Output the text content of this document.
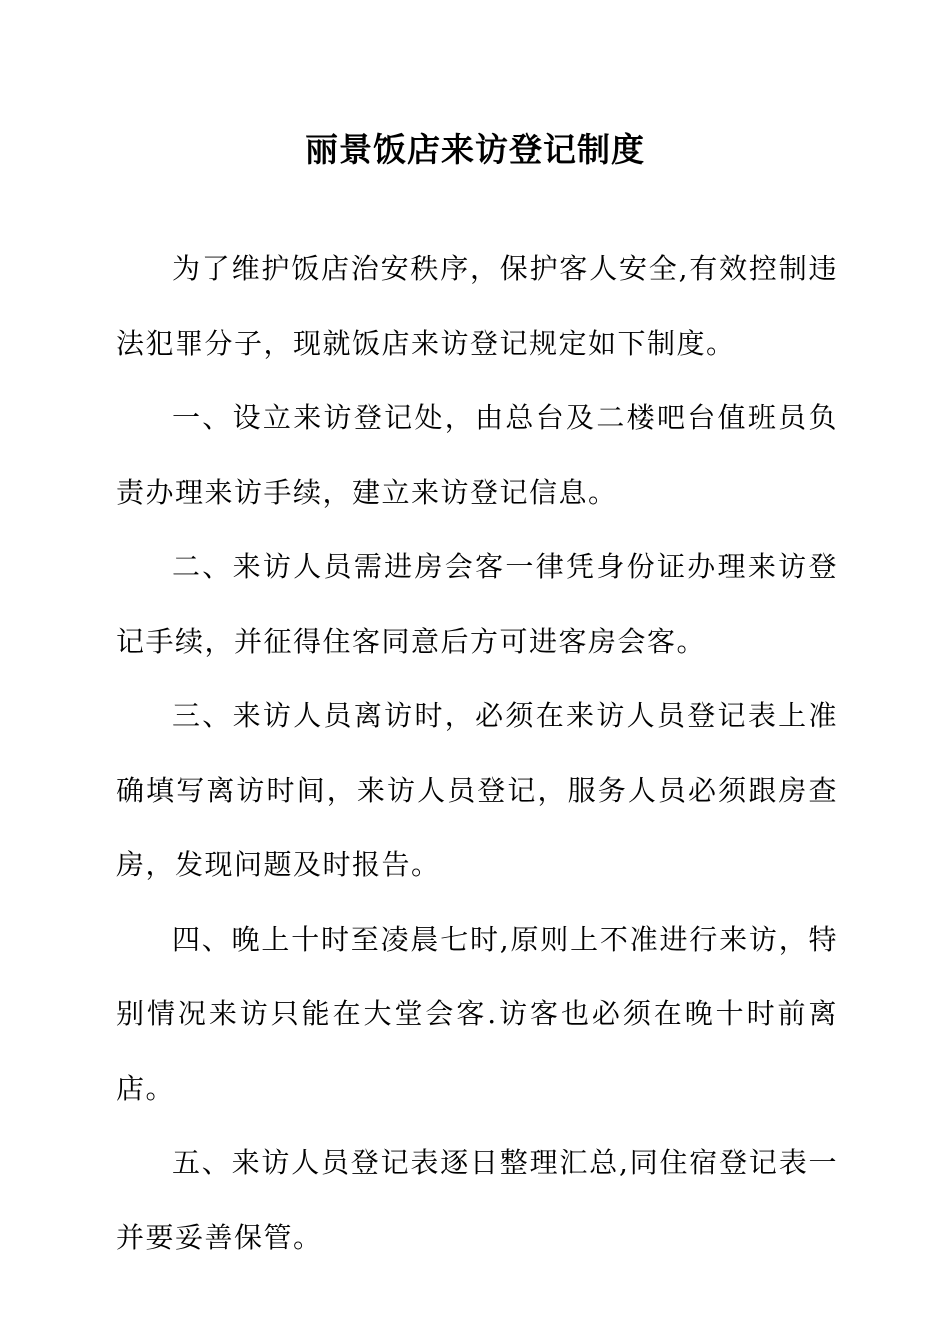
丽景饭店来访登记制度

为了维护饭店治安秩序，保护客人安全,有效控制违法犯罪分子，现就饭店来访登记规定如下制度。

一、设立来访登记处，由总台及二楼吧台值班员负责办理来访手续，建立来访登记信息。

二、来访人员需进房会客一律凭身份证办理来访登记手续，并征得住客同意后方可进客房会客。

三、来访人员离访时，必须在来访人员登记表上准确填写离访时间，来访人员登记，服务人员必须跟房查房，发现问题及时报告。

四、晚上十时至凌晨七时,原则上不准进行来访，特别情况来访只能在大堂会客.访客也必须在晚十时前离店。

五、来访人员登记表逐日整理汇总,同住宿登记表一并要妥善保管。
